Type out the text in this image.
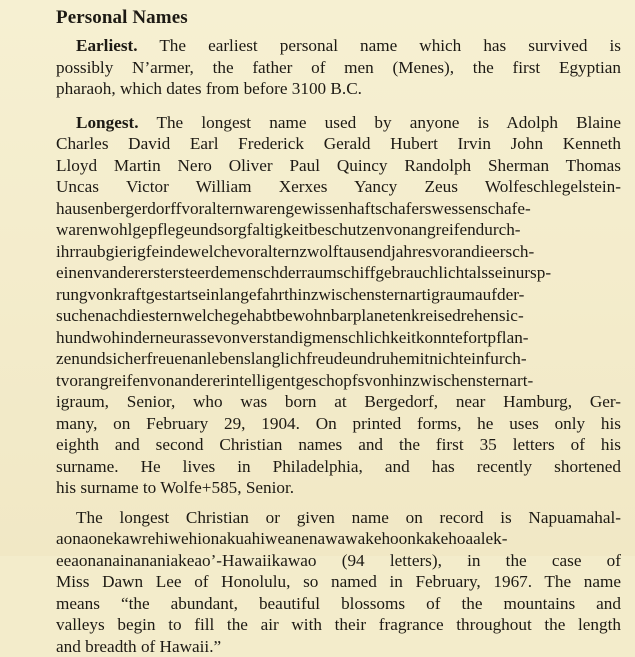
Personal Names

Earliest. The earliest personal name which has survived is
possibly N’armer, the father of men (Menes), the first Egyptian
pharaoh, which dates from before 3100 B.C.

Longest. The longest name used by anyone is Adolph Blaine
Charles David Earl Frederick Gerald Hubert Irvin John Kenneth
Lloyd Martin Nero Oliver Paul Quincy Randolph Sherman Thomas
Uncas Victor William Xerxes Yancy Zeus Wolfeschlegelstein-
hausenbergerdorffvoralternwarengewissenhaftschaferswessenschafe-
warenwohlgepflegeundsorgfaltigkeitbeschutzenvonangreifendurch-
ihrraubgierigfeindewelchevoralternzwolftausendjahresvorandieersch-
einenvandererstersteerdemenschderraumschiffgebrauchlichtalsseinursp-
rungvonkraftgestartseinlangefahrthinzwischensternartigraumaufder-
suchenachdiesternwelchegehabtbewohnbarplanetenkreisedrehensic-
hundwohinderneurassevonverstandigmenschlichkeitkonntefortpflan-
zenundsicherfreuenanlebenslanglichfreudeundruhemitnichteinfurch-
tvorangreifenvonandererintelligentgeschopfsvonhinzwischensternart-
igraum, Senior, who was born at Bergedorf, near Hamburg, Ger-
many, on February 29, 1904. On printed forms, he uses only his
eighth and second Christian names and the first 35 letters of his
surname. He lives in Philadelphia, and has recently shortened
his surname to Wolfe+585, Senior.

The longest Christian or given name on record is Napuamahal-
aonaonekawrehiwehionakuahiweanenawawakehoonkakehoaalek-
eeaonanainananiakeao’-Hawaiikawao (94 letters), in the case of
Miss Dawn Lee of Honolulu, so named in February, 1967. The name
means “the abundant, beautiful blossoms of the mountains and
valleys begin to fill the air with their fragrance throughout the length
and breadth of Hawaii.”
